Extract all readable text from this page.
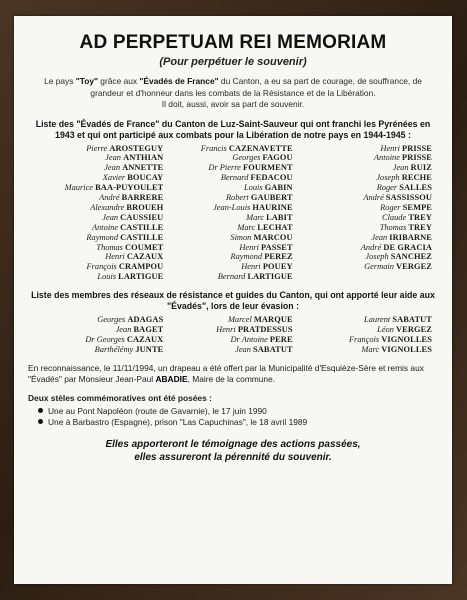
AD PERPETUAM REI MEMORIAM
(Pour perpétuer le souvenir)
Le pays "Toy" grâce aux "Évadés de France" du Canton, a eu sa part de courage, de souffrance, de grandeur et d'honneur dans les combats de la Résistance et de la Libération.
Il doit, aussi, avoir sa part de souvenir.
Liste des "Évadés de France" du Canton de Luz-Saint-Sauveur qui ont franchi les Pyrénées en 1943 et qui ont participé aux combats pour la Libération de notre pays en 1944-1945 :
Pierre AROSTEGUY
Jean ANTHIAN
Jean ANNETTE
Xavier BOUCAY
Maurice BAA-PUYOULET
André BARRERE
Alexandre BROUEH
Jean CAUSSIEU
Antoine CASTILLE
Raymond CASTILLE
Thomas COUMET
Henri CAZAUX
François CRAMPOU
Louis LARTIGUE
Francis CAZENAVETTE
Georges FAGOU
Dr Pierre FOURMENT
Bernard FEDACOU
Louis GABIN
Robert GAUBERT
Jean-Louis HAURINE
Marc LABIT
Marc LECHAT
Simon MARCOU
Henri PASSET
Raymond PEREZ
Henri POUEY
Bernard LARTIGUE
Henri PRISSE
Antoine PRISSE
Jean RUIZ
Joseph RECHE
Roger SALLES
André SASSISSOU
Roger SEMPE
Claude TREY
Thomas TREY
Jean IRIBARNE
André DE GRACIA
Joseph SANCHEZ
Germain VERGEZ
Liste des membres des réseaux de résistance et guides du Canton, qui ont apporté leur aide aux "Évadés", lors de leur évasion :
Georges ADAGAS
Jean BAGET
Dr Georges CAZAUX
Barthélémy JUNTE
Marcel MARQUE
Henri PRATDESSUS
Dr Antoine PERE
Jean SABATUT
Laurent SABATUT
Léon VERGEZ
François VIGNOLLES
Marc VIGNOLLES
En reconnaissance, le 11/11/1994, un drapeau a été offert par la Municipalité d'Esquièze-Sère et remis aux "Évadés" par Monsieur Jean-Paul ABADIE, Maire de la commune.
Deux stèles commémoratives ont été posées :
Une au Pont Napoléon (route de Gavarnie), le 17 juin 1990
Une à Barbastro (Espagne), prison "Las Capuchinas", le 18 avril 1989
Elles apporteront le témoignage des actions passées,
elles assureront la pérennité du souvenir.
